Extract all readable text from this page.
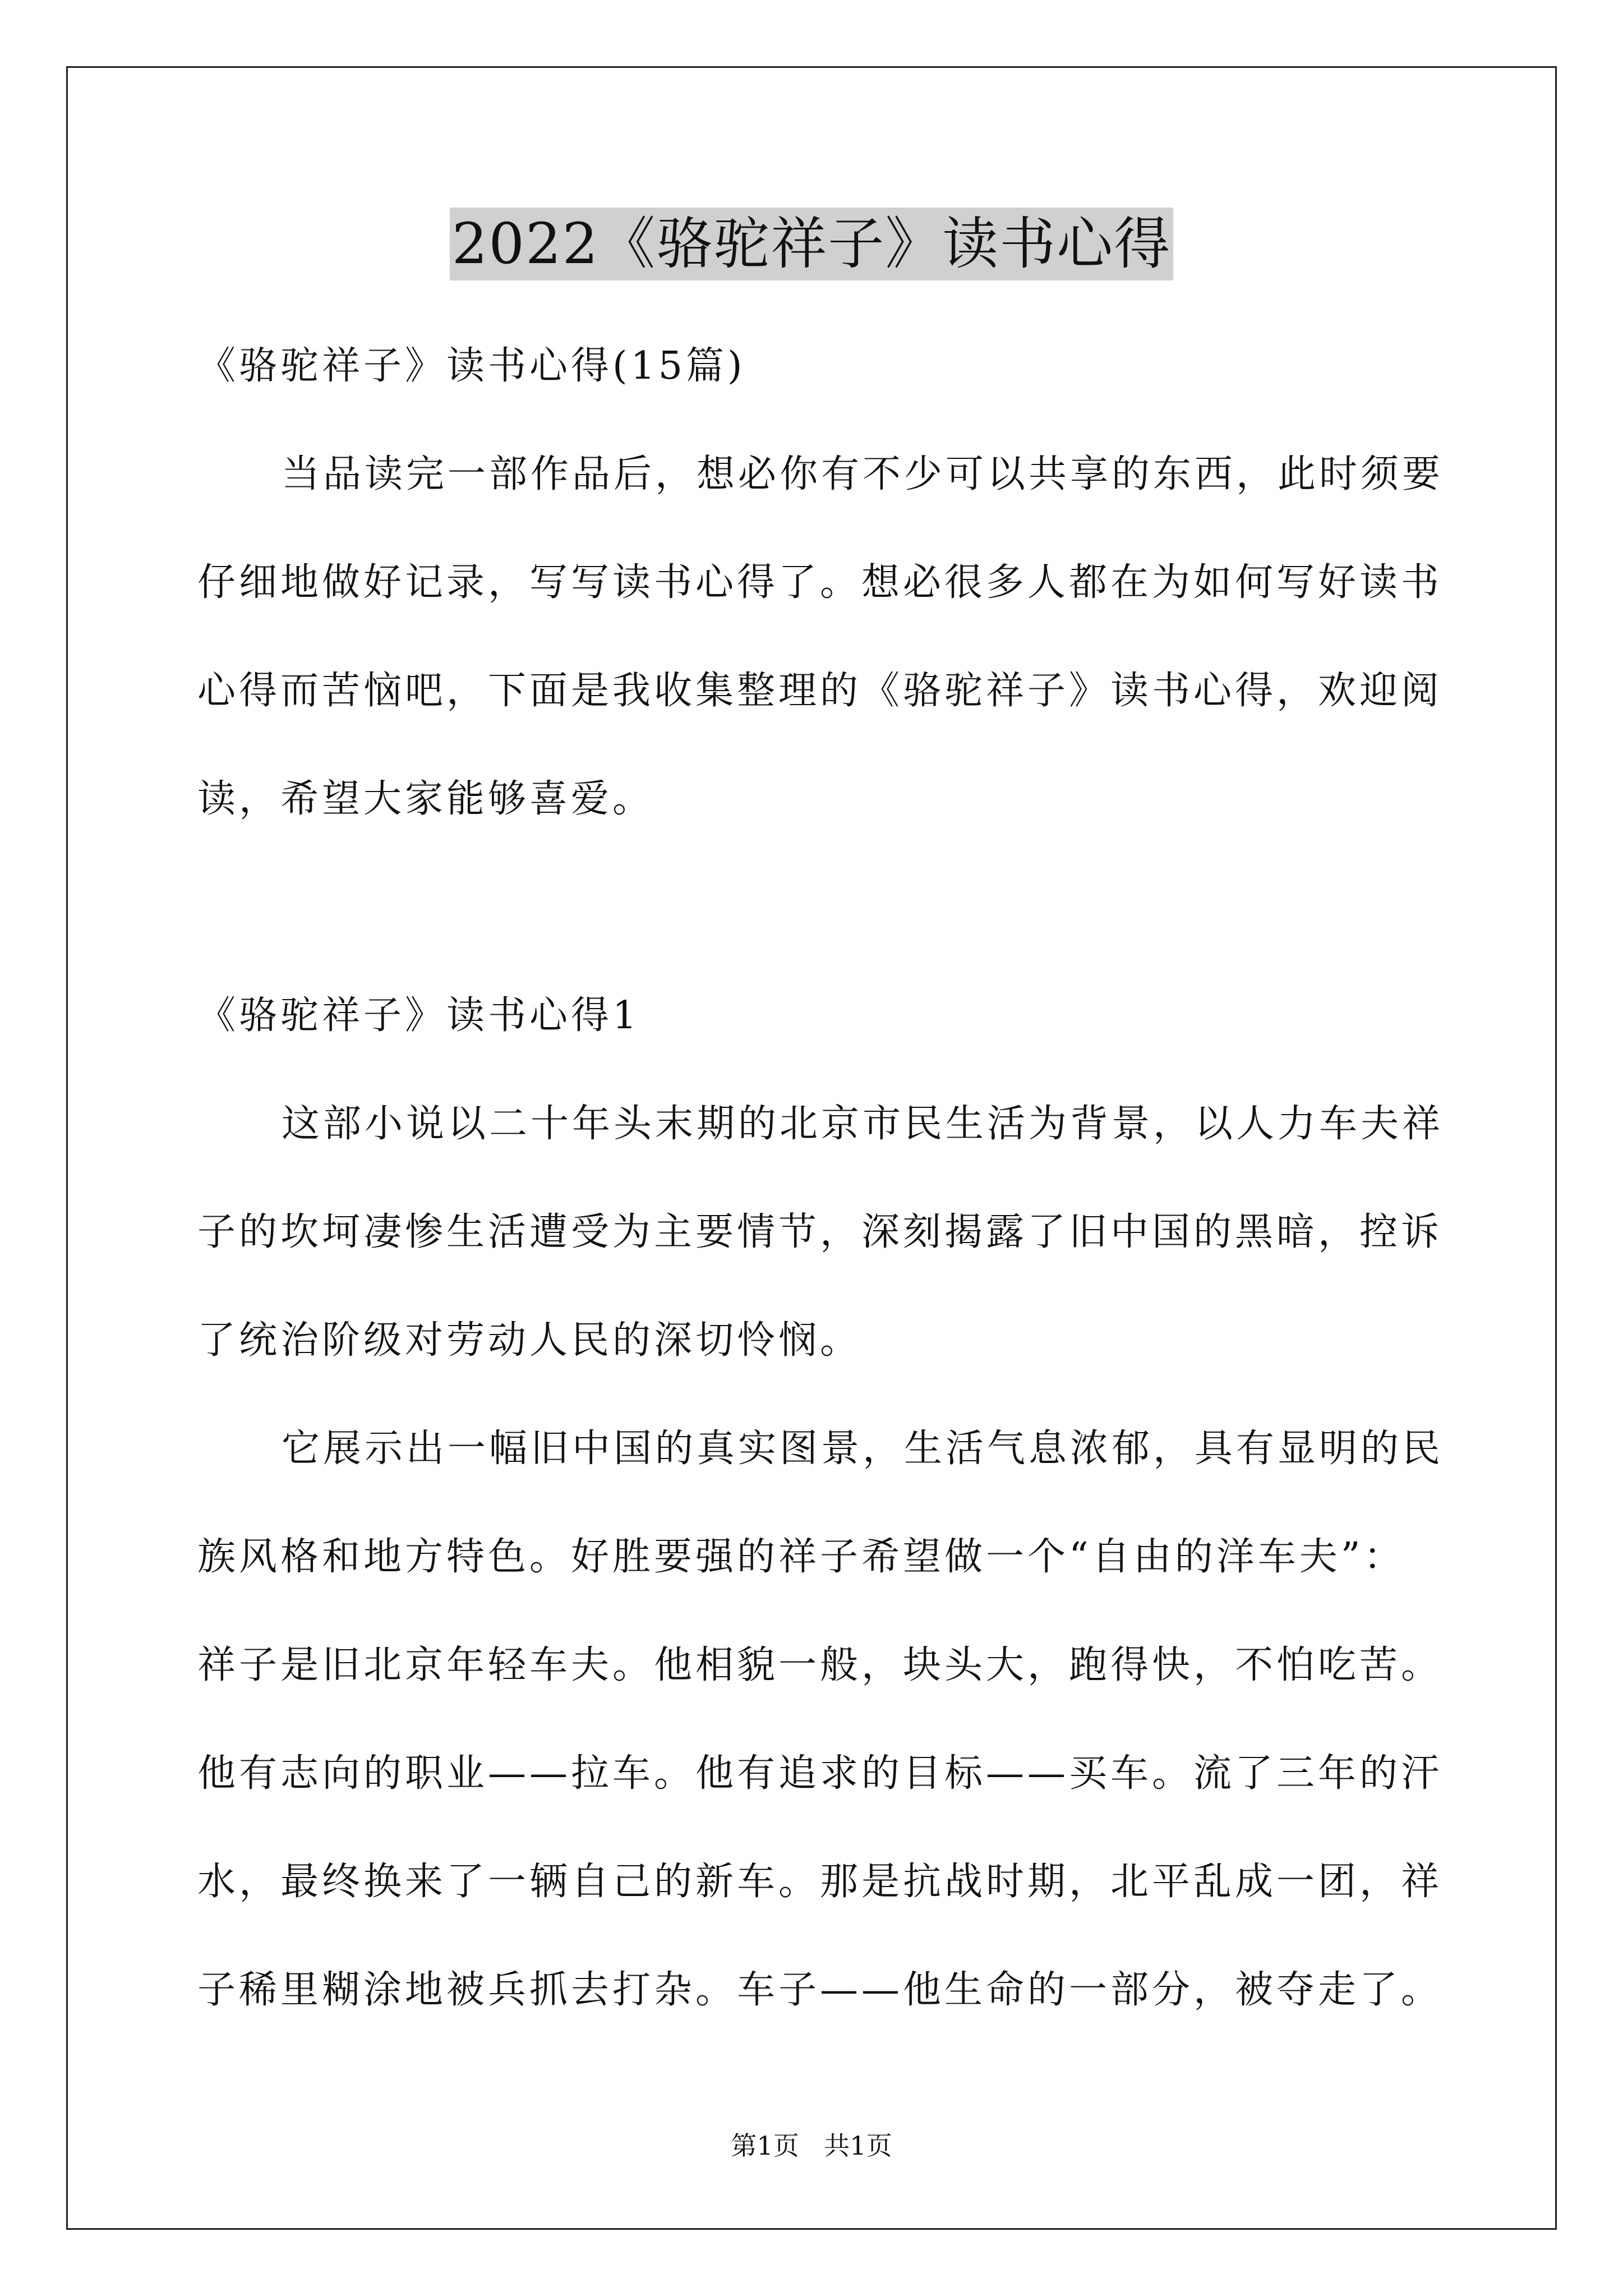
2022《骆驼祥子》读书心得
《骆驼祥子》读书心得(15篇)
当品读完一部作品后，想必你有不少可以共享的东西，此时须要
仔细地做好记录，写写读书心得了。想必很多人都在为如何写好读书
心得而苦恼吧，下面是我收集整理的《骆驼祥子》读书心得，欢迎阅
读，希望大家能够喜爱。
《骆驼祥子》读书心得1
这部小说以二十年头末期的北京市民生活为背景，以人力车夫祥
子的坎坷凄惨生活遭受为主要情节，深刻揭露了旧中国的黑暗，控诉
了统治阶级对劳动人民的深切怜悯。
它展示出一幅旧中国的真实图景，生活气息浓郁，具有显明的民
族风格和地方特色。好胜要强的祥子希望做一个“自由的洋车夫”：
祥子是旧北京年轻车夫。他相貌一般，块头大，跑得快，不怕吃苦。
他有志向的职业——拉车。他有追求的目标——买车。流了三年的汗
水，最终换来了一辆自己的新车。那是抗战时期，北平乱成一团，祥
子稀里糊涂地被兵抓去打杂。车子——他生命的一部分，被夺走了。
第1页 共1页
